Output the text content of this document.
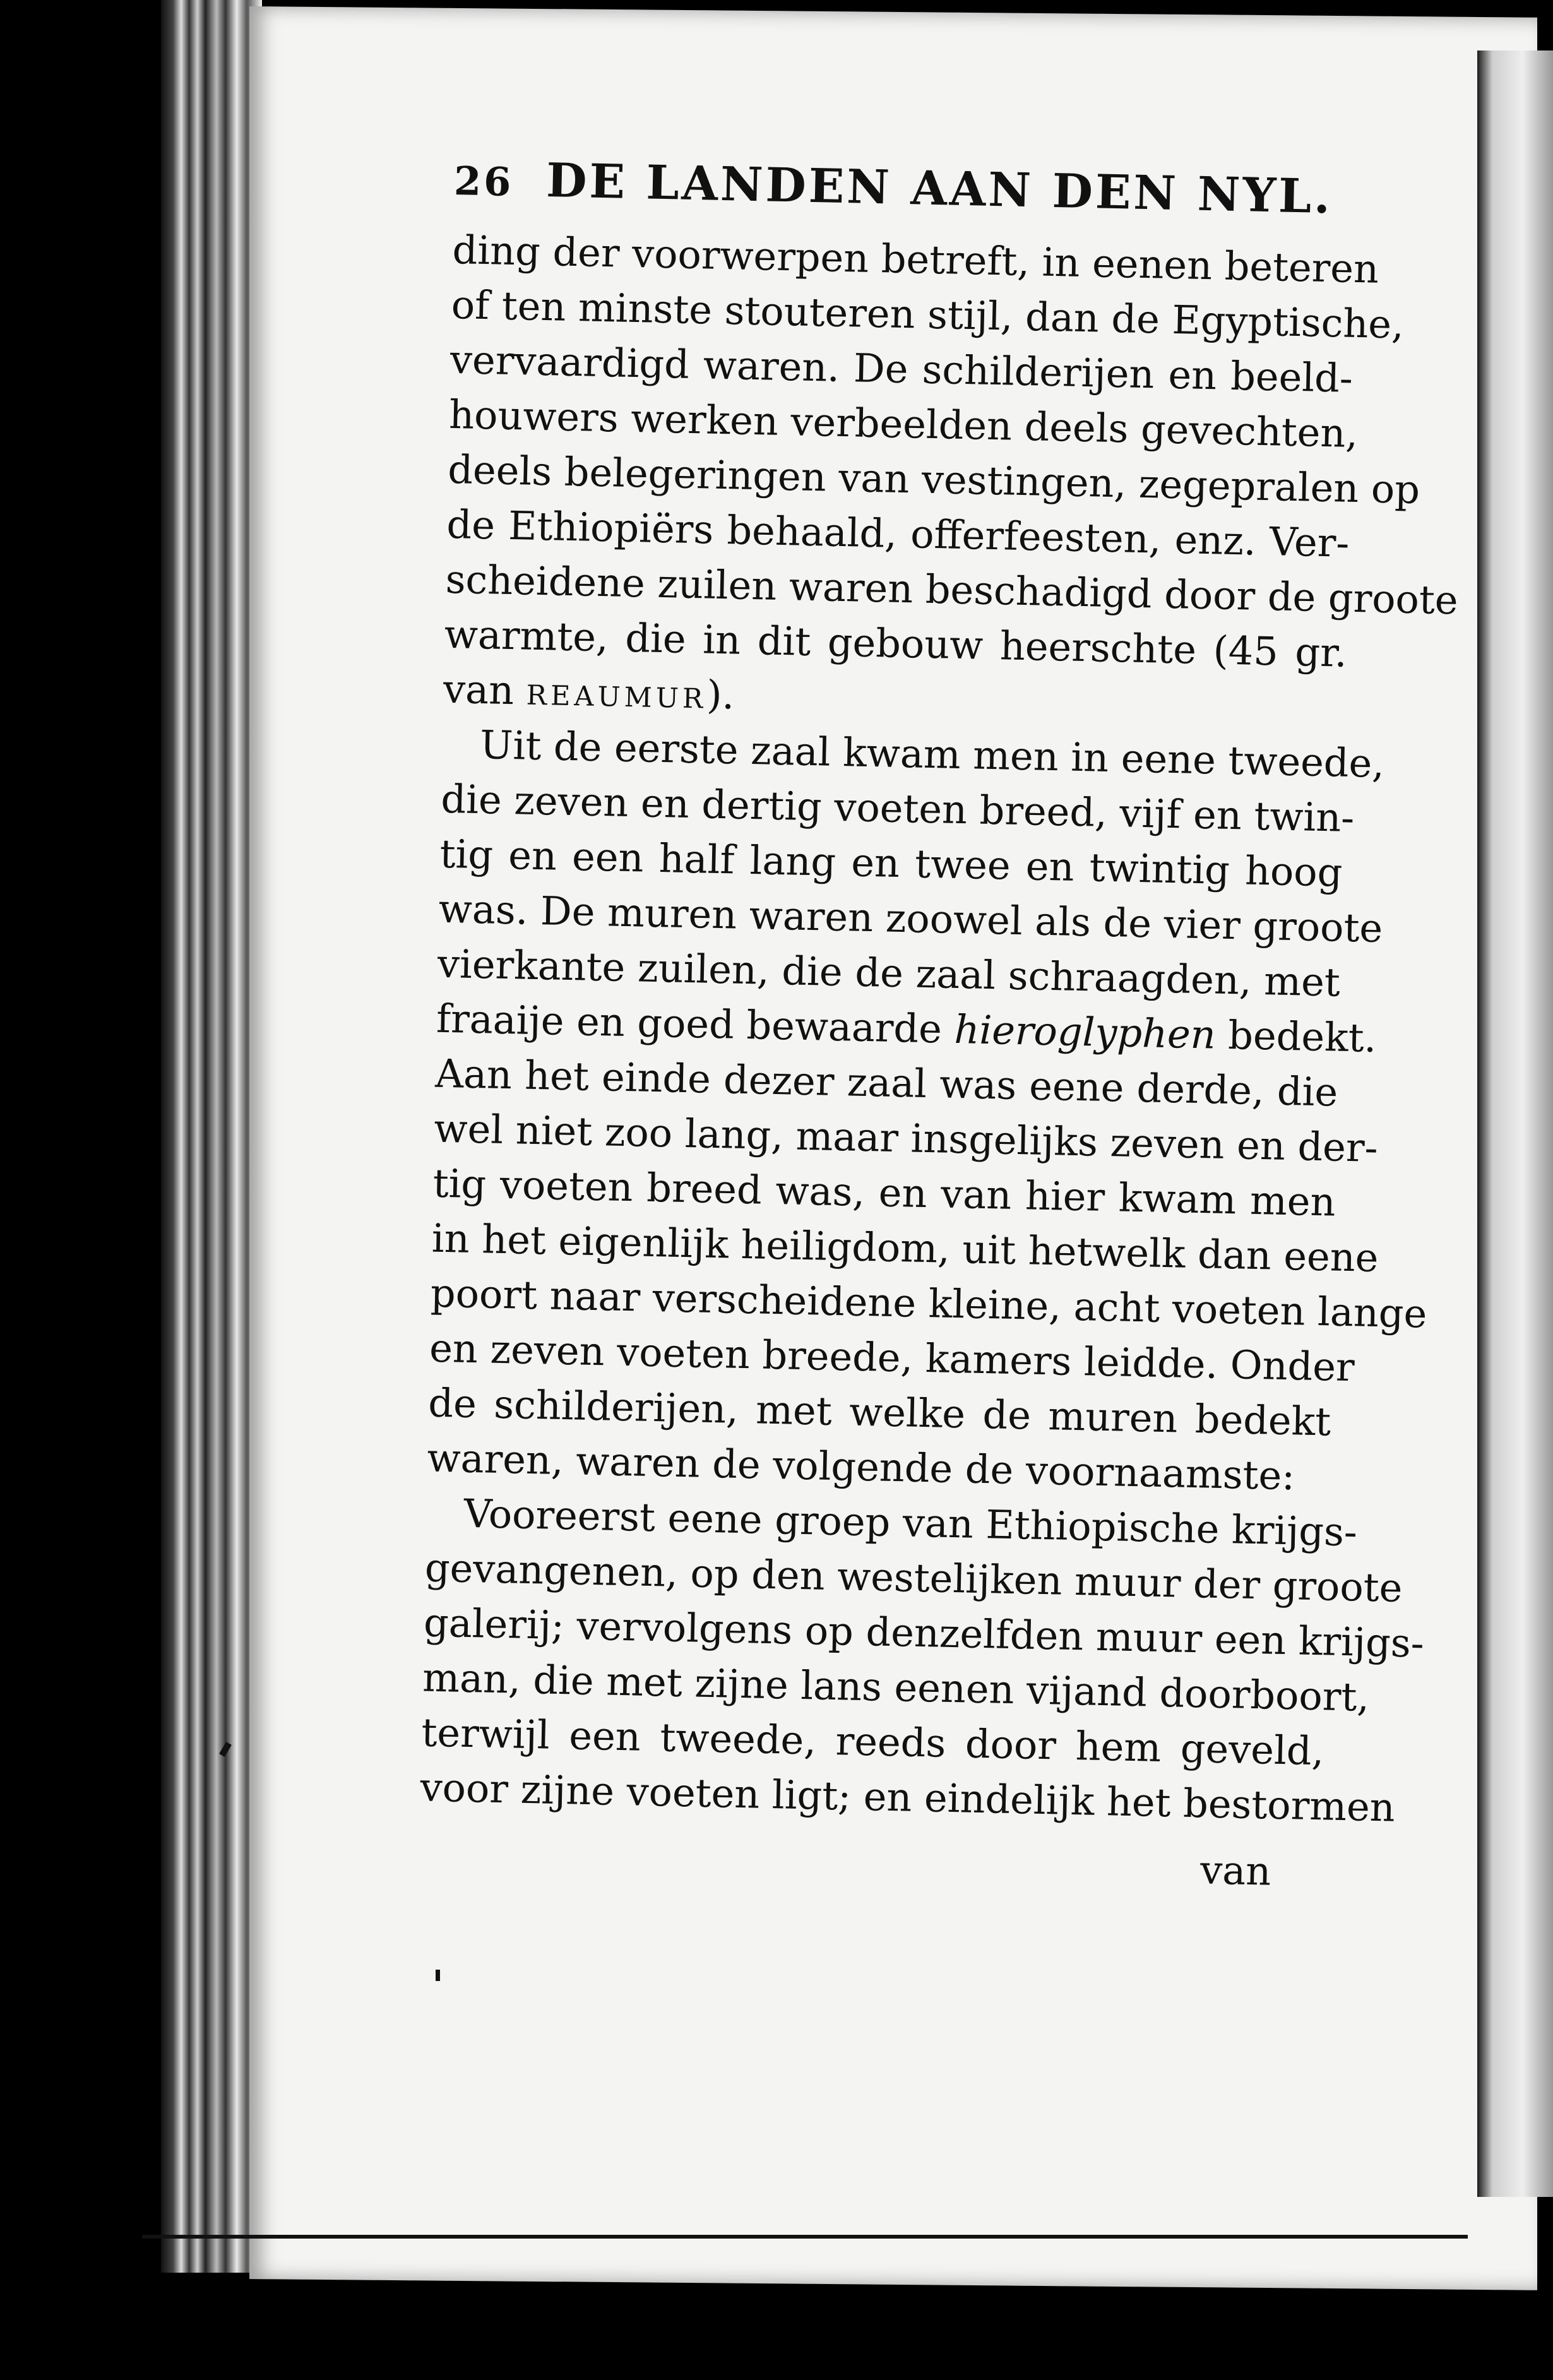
26 DE LANDEN AAN DEN NYL.
ding der voorwerpen betreft, in eenen beteren
of ten minste stouteren stijl, dan de Egyptische,
vervaardigd waren. De schilderijen en beeld-
houwers werken verbeelden deels gevechten,
deels belegeringen van vestingen, zegepralen op
de Ethiopiërs behaald, offerfeesten, enz. Ver-
scheidene zuilen waren beschadigd door de groote
warmte, die in dit gebouw heerschte (45 gr.
van reaumur).
Uit de eerste zaal kwam men in eene tweede,
die zeven en dertig voeten breed, vijf en twin-
tig en een half lang en twee en twintig hoog
was. De muren waren zoowel als de vier groote
vierkante zuilen, die de zaal schraagden, met
fraaije en goed bewaarde hieroglyphen bedekt.
Aan het einde dezer zaal was eene derde, die
wel niet zoo lang, maar insgelijks zeven en der-
tig voeten breed was, en van hier kwam men
in het eigenlijk heiligdom, uit hetwelk dan eene
poort naar verscheidene kleine, acht voeten lange
en zeven voeten breede, kamers leidde. Onder
de schilderijen, met welke de muren bedekt
waren, waren de volgende de voornaamste:
Vooreerst eene groep van Ethiopische krijgs-
gevangenen, op den westelijken muur der groote
galerij; vervolgens op denzelfden muur een krijgs-
man, die met zijne lans eenen vijand doorboort,
terwijl een tweede, reeds door hem geveld,
voor zijne voeten ligt; en eindelijk het bestormen
van
